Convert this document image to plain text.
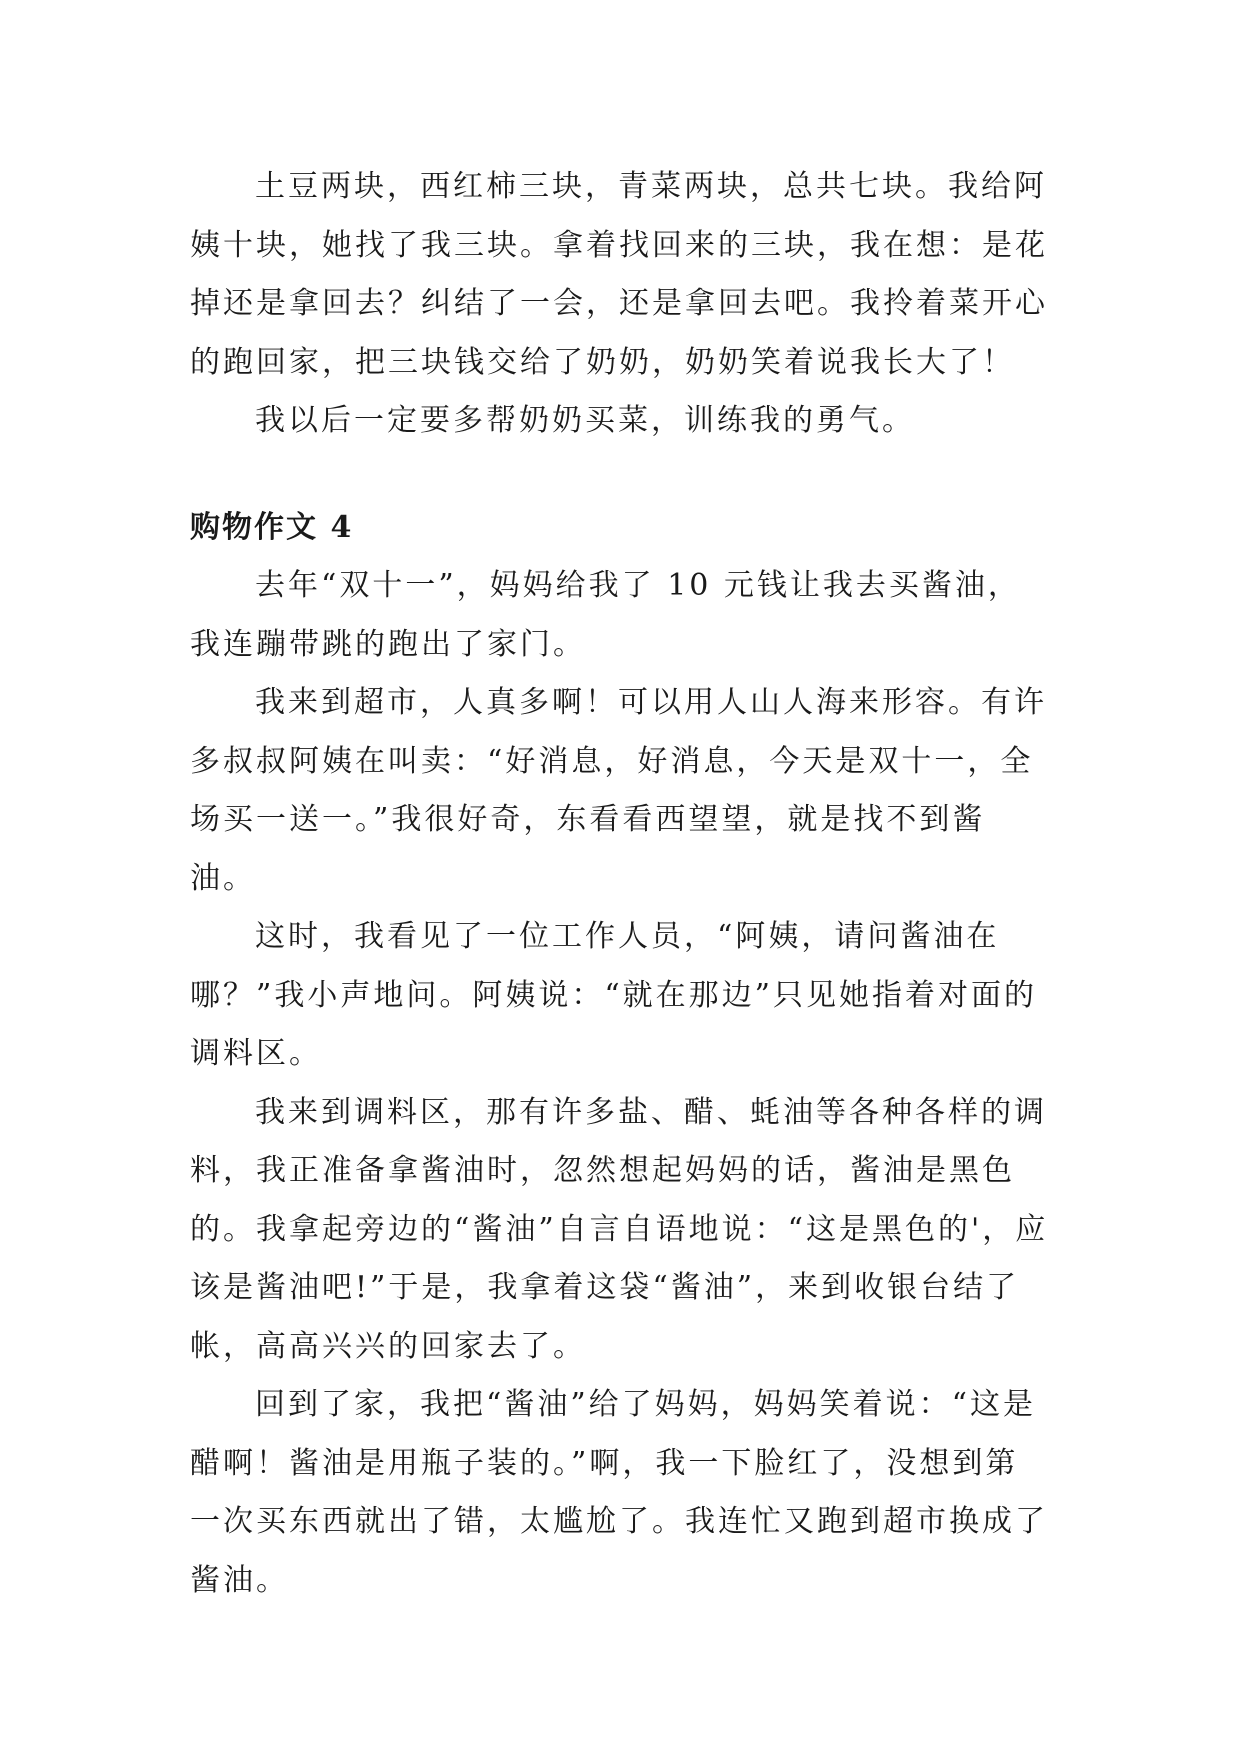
土豆两块，西红柿三块，青菜两块，总共七块。我给阿姨十块，她找了我三块。拿着找回来的三块，我在想：是花掉还是拿回去？纠结了一会，还是拿回去吧。我拎着菜开心的跑回家，把三块钱交给了奶奶，奶奶笑着说我长大了！

我以后一定要多帮奶奶买菜，训练我的勇气。

购物作文 4

去年“双十一”，妈妈给我了 10 元钱让我去买酱油，我连蹦带跳的跑出了家门。

我来到超市，人真多啊！可以用人山人海来形容。有许多叔叔阿姨在叫卖：“好消息，好消息，今天是双十一，全场买一送一。”我很好奇，东看看西望望，就是找不到酱油。

这时，我看见了一位工作人员，“阿姨，请问酱油在哪？”我小声地问。阿姨说：“就在那边”只见她指着对面的调料区。

我来到调料区，那有许多盐、醋、蚝油等各种各样的调料，我正准备拿酱油时，忽然想起妈妈的话，酱油是黑色的。我拿起旁边的“酱油”自言自语地说：“这是黑色的'，应该是酱油吧!”于是，我拿着这袋“酱油”，来到收银台结了帐，高高兴兴的回家去了。

回到了家，我把“酱油”给了妈妈，妈妈笑着说：“这是醋啊！酱油是用瓶子装的。”啊，我一下脸红了，没想到第一次买东西就出了错，太尴尬了。我连忙又跑到超市换成了酱油。
